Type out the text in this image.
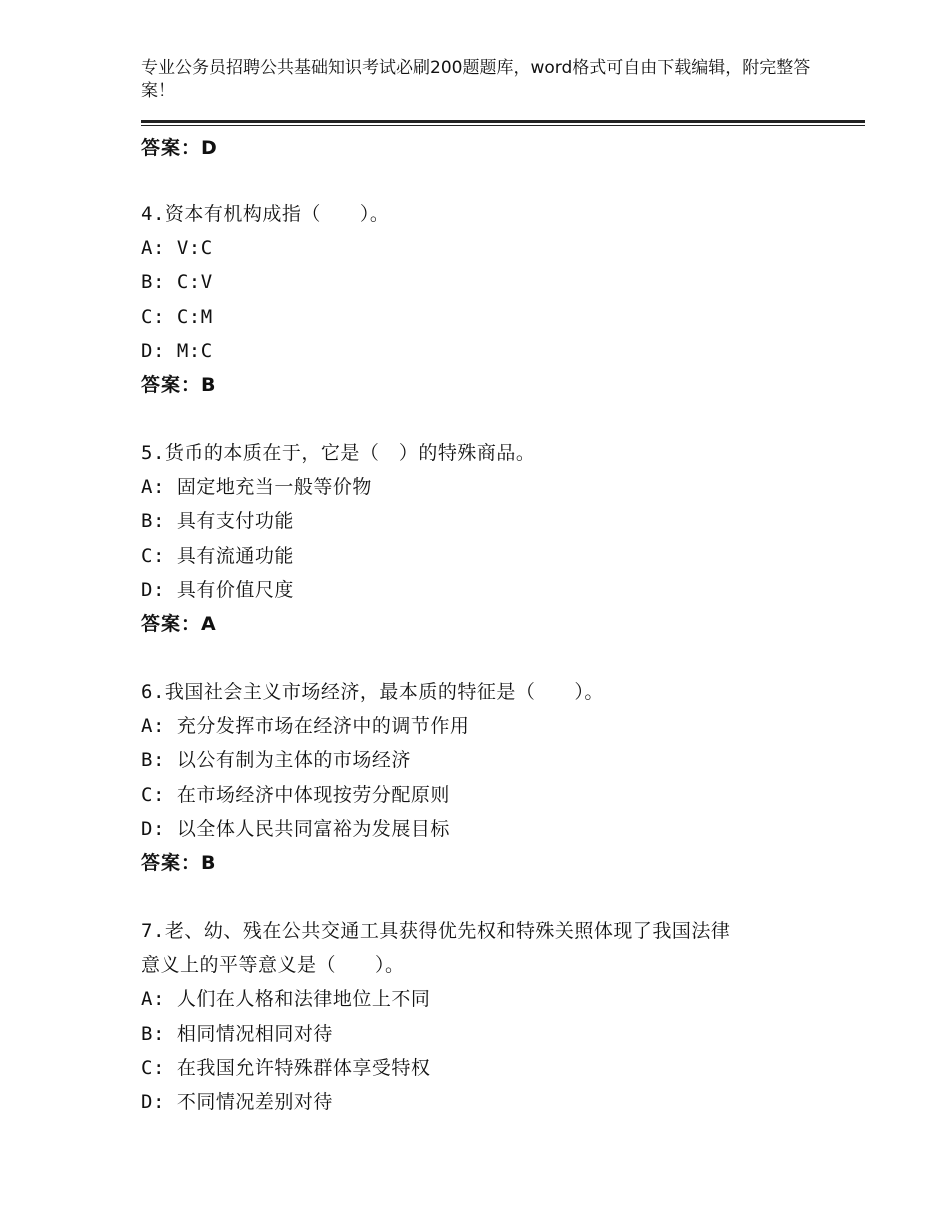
专业公务员招聘公共基础知识考试必刷200题题库，word格式可自由下载编辑，附完整答案！
答案：D
4.资本有机构成指（　　）。
A: V:C
B: C:V
C: C:M
D: M:C
答案：B
5.货币的本质在于，它是（　）的特殊商品。
A: 固定地充当一般等价物
B: 具有支付功能
C: 具有流通功能
D: 具有价值尺度
答案：A
6.我国社会主义市场经济，最本质的特征是（　　）。
A: 充分发挥市场在经济中的调节作用
B: 以公有制为主体的市场经济
C: 在市场经济中体现按劳分配原则
D: 以全体人民共同富裕为发展目标
答案：B
7.老、幼、残在公共交通工具获得优先权和特殊关照体现了我国法律
意义上的平等意义是（　　）。
A: 人们在人格和法律地位上不同
B: 相同情况相同对待
C: 在我国允许特殊群体享受特权
D: 不同情况差别对待
